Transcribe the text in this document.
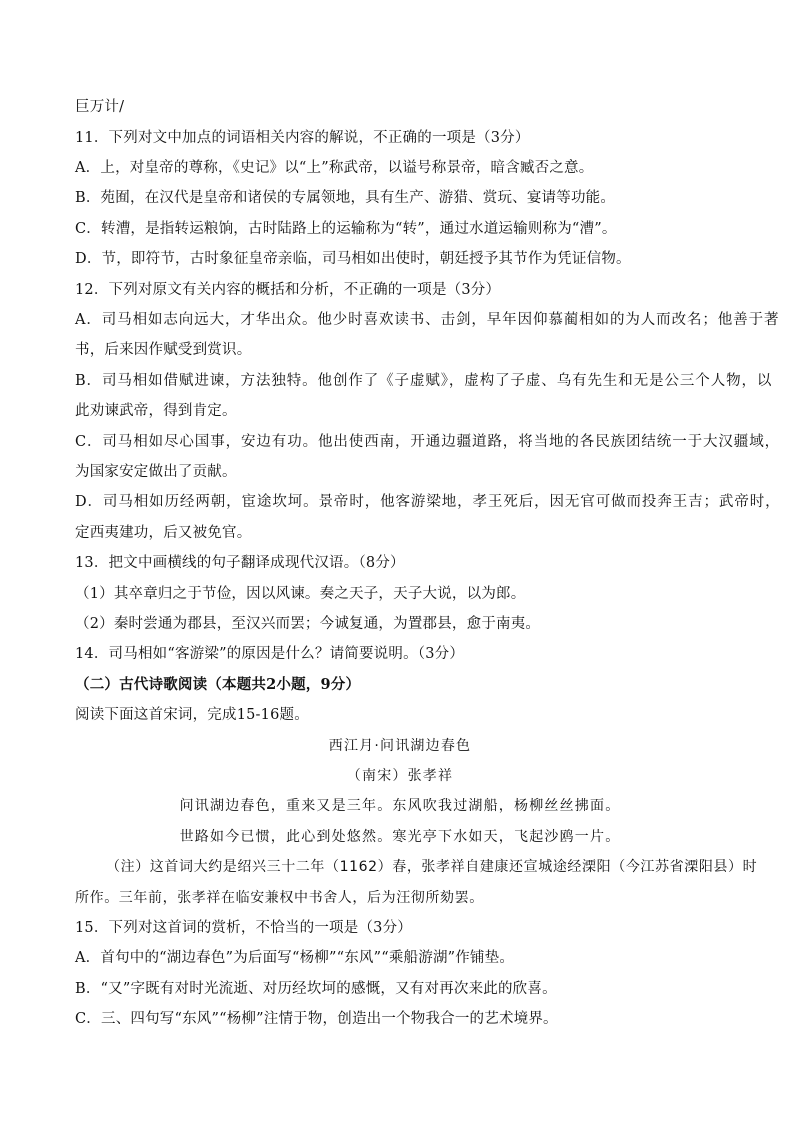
巨万计/
11．下列对文中加点的词语相关内容的解说，不正确的一项是（3分）
A．上，对皇帝的尊称，《史记》以“上”称武帝，以谥号称景帝，暗含臧否之意。
B．苑囿，在汉代是皇帝和诸侯的专属领地，具有生产、游猎、赏玩、宴请等功能。
C．转漕，是指转运粮饷，古时陆路上的运输称为“转”，通过水道运输则称为“漕”。
D．节，即符节，古时象征皇帝亲临，司马相如出使时，朝廷授予其节作为凭证信物。
12．下列对原文有关内容的概括和分析，不正确的一项是（3分）
A．司马相如志向远大，才华出众。他少时喜欢读书、击剑，早年因仰慕蔺相如的为人而改名；他善于著
书，后来因作赋受到赏识。
B．司马相如借赋进谏，方法独特。他创作了《子虚赋》，虚构了子虚、乌有先生和无是公三个人物，以
此劝谏武帝，得到肯定。
C．司马相如尽心国事，安边有功。他出使西南，开通边疆道路，将当地的各民族团结统一于大汉疆域，
为国家安定做出了贡献。
D．司马相如历经两朝，宦途坎坷。景帝时，他客游梁地，孝王死后，因无官可做而投奔王吉；武帝时，
定西夷建功，后又被免官。
13．把文中画横线的句子翻译成现代汉语。（8分）
（1）其卒章归之于节俭，因以风谏。奏之天子，天子大说，以为郎。
（2）秦时尝通为郡县，至汉兴而罢；今诚复通，为置郡县，愈于南夷。
14．司马相如“客游梁”的原因是什么？请简要说明。（3分）
（二）古代诗歌阅读（本题共2小题，9分）
阅读下面这首宋词，完成15-16题。
西江月·问讯湖边春色
（南宋）张孝祥
问讯湖边春色，重来又是三年。东风吹我过湖船，杨柳丝丝拂面。
世路如今已惯，此心到处悠然。寒光亭下水如天，飞起沙鸥一片。
（注）这首词大约是绍兴三十二年（1162）春，张孝祥自建康还宣城途经溧阳（今江苏省溧阳县）时
所作。三年前，张孝祥在临安兼权中书舍人，后为汪彻所劾罢。
15．下列对这首词的赏析，不恰当的一项是（3分）
A．首句中的“湖边春色”为后面写“杨柳”“东风”“乘船游湖”作铺垫。
B．“又”字既有对时光流逝、对历经坎坷的感慨，又有对再次来此的欣喜。
C．三、四句写“东风”“杨柳”注情于物，创造出一个物我合一的艺术境界。
